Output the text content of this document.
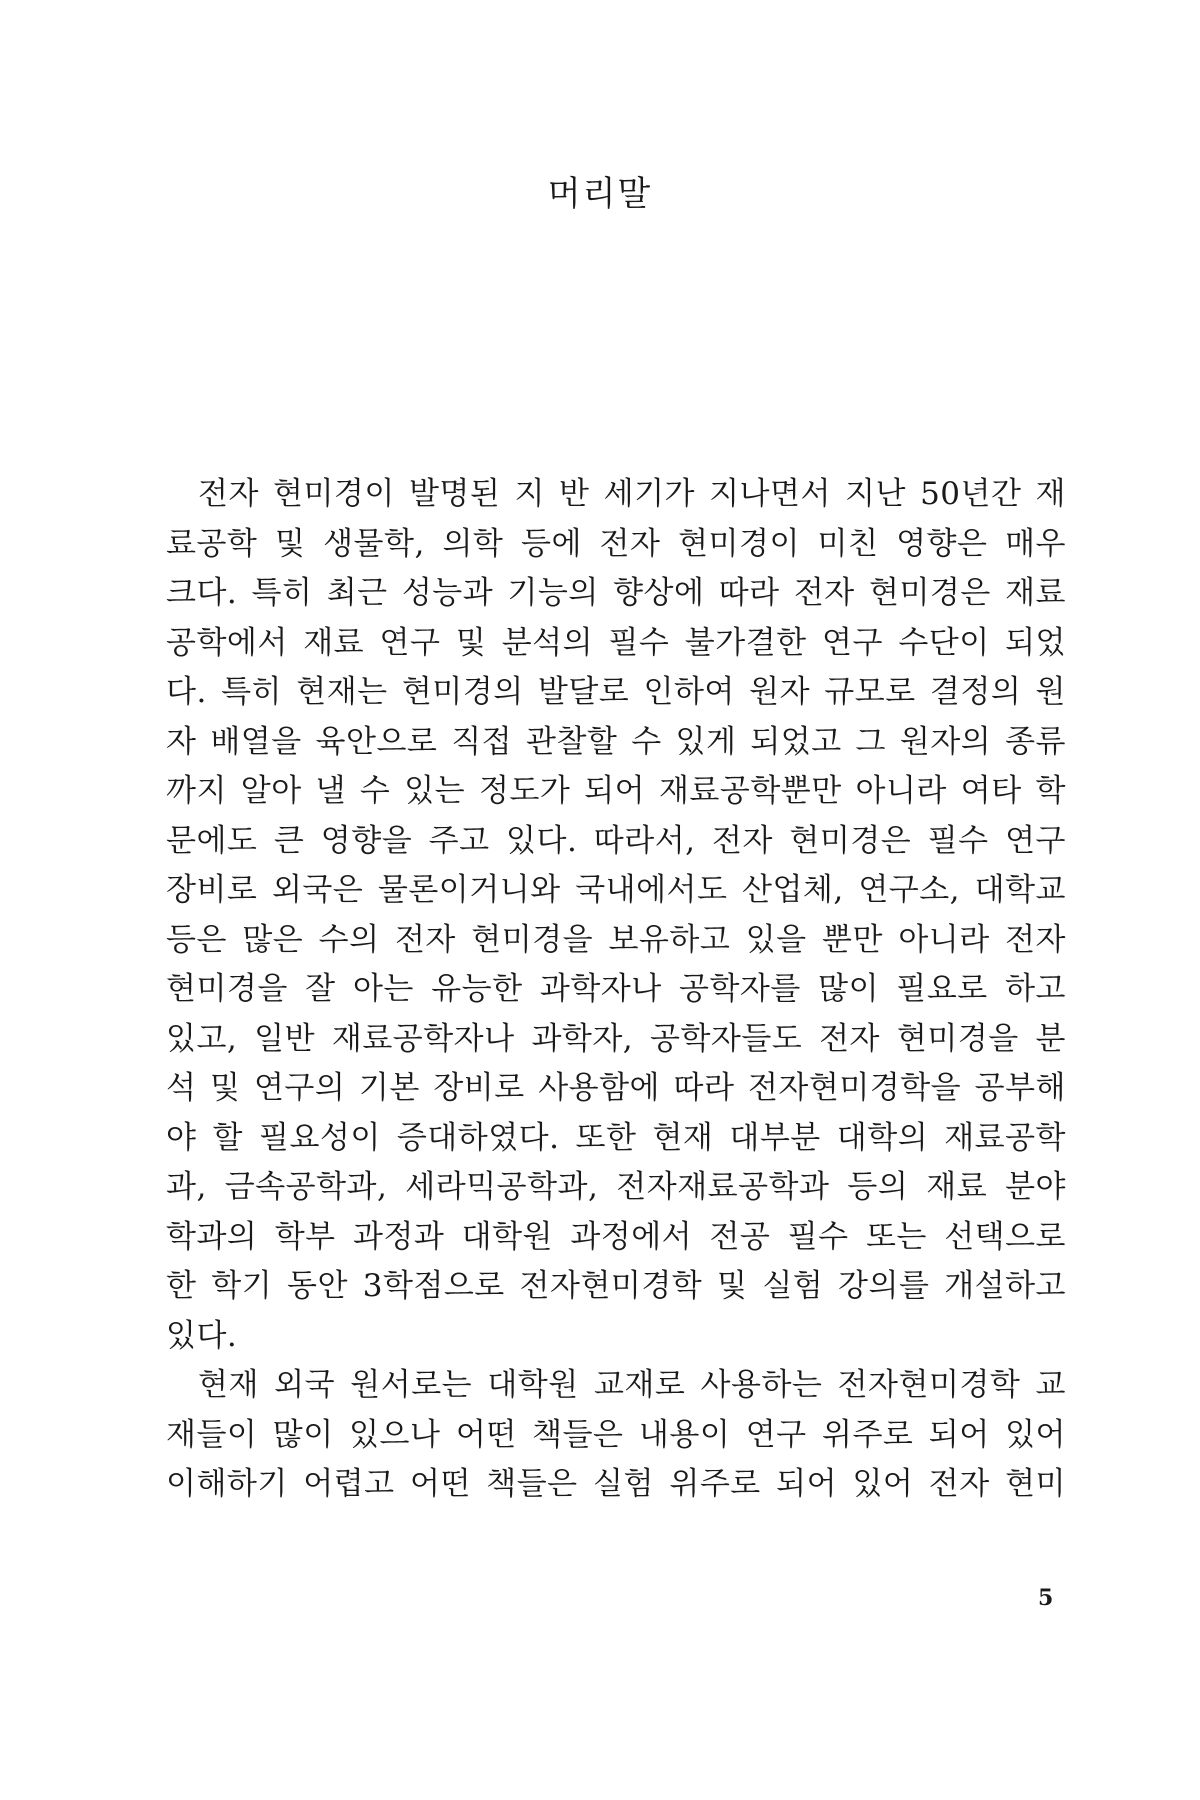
머리말
전자 현미경이 발명된 지 반 세기가 지나면서 지난 50년간 재
료공학 및 생물학, 의학 등에 전자 현미경이 미친 영향은 매우
크다. 특히 최근 성능과 기능의 향상에 따라 전자 현미경은 재료
공학에서 재료 연구 및 분석의 필수 불가결한 연구 수단이 되었
다. 특히 현재는 현미경의 발달로 인하여 원자 규모로 결정의 원
자 배열을 육안으로 직접 관찰할 수 있게 되었고 그 원자의 종류
까지 알아 낼 수 있는 정도가 되어 재료공학뿐만 아니라 여타 학
문에도 큰 영향을 주고 있다. 따라서, 전자 현미경은 필수 연구
장비로 외국은 물론이거니와 국내에서도 산업체, 연구소, 대학교
등은 많은 수의 전자 현미경을 보유하고 있을 뿐만 아니라 전자
현미경을 잘 아는 유능한 과학자나 공학자를 많이 필요로 하고
있고, 일반 재료공학자나 과학자, 공학자들도 전자 현미경을 분
석 및 연구의 기본 장비로 사용함에 따라 전자현미경학을 공부해
야 할 필요성이 증대하였다. 또한 현재 대부분 대학의 재료공학
과, 금속공학과, 세라믹공학과, 전자재료공학과 등의 재료 분야
학과의 학부 과정과 대학원 과정에서 전공 필수 또는 선택으로
한 학기 동안 3학점으로 전자현미경학 및 실험 강의를 개설하고
있다.
현재 외국 원서로는 대학원 교재로 사용하는 전자현미경학 교
재들이 많이 있으나 어떤 책들은 내용이 연구 위주로 되어 있어
이해하기 어렵고 어떤 책들은 실험 위주로 되어 있어 전자 현미
5
